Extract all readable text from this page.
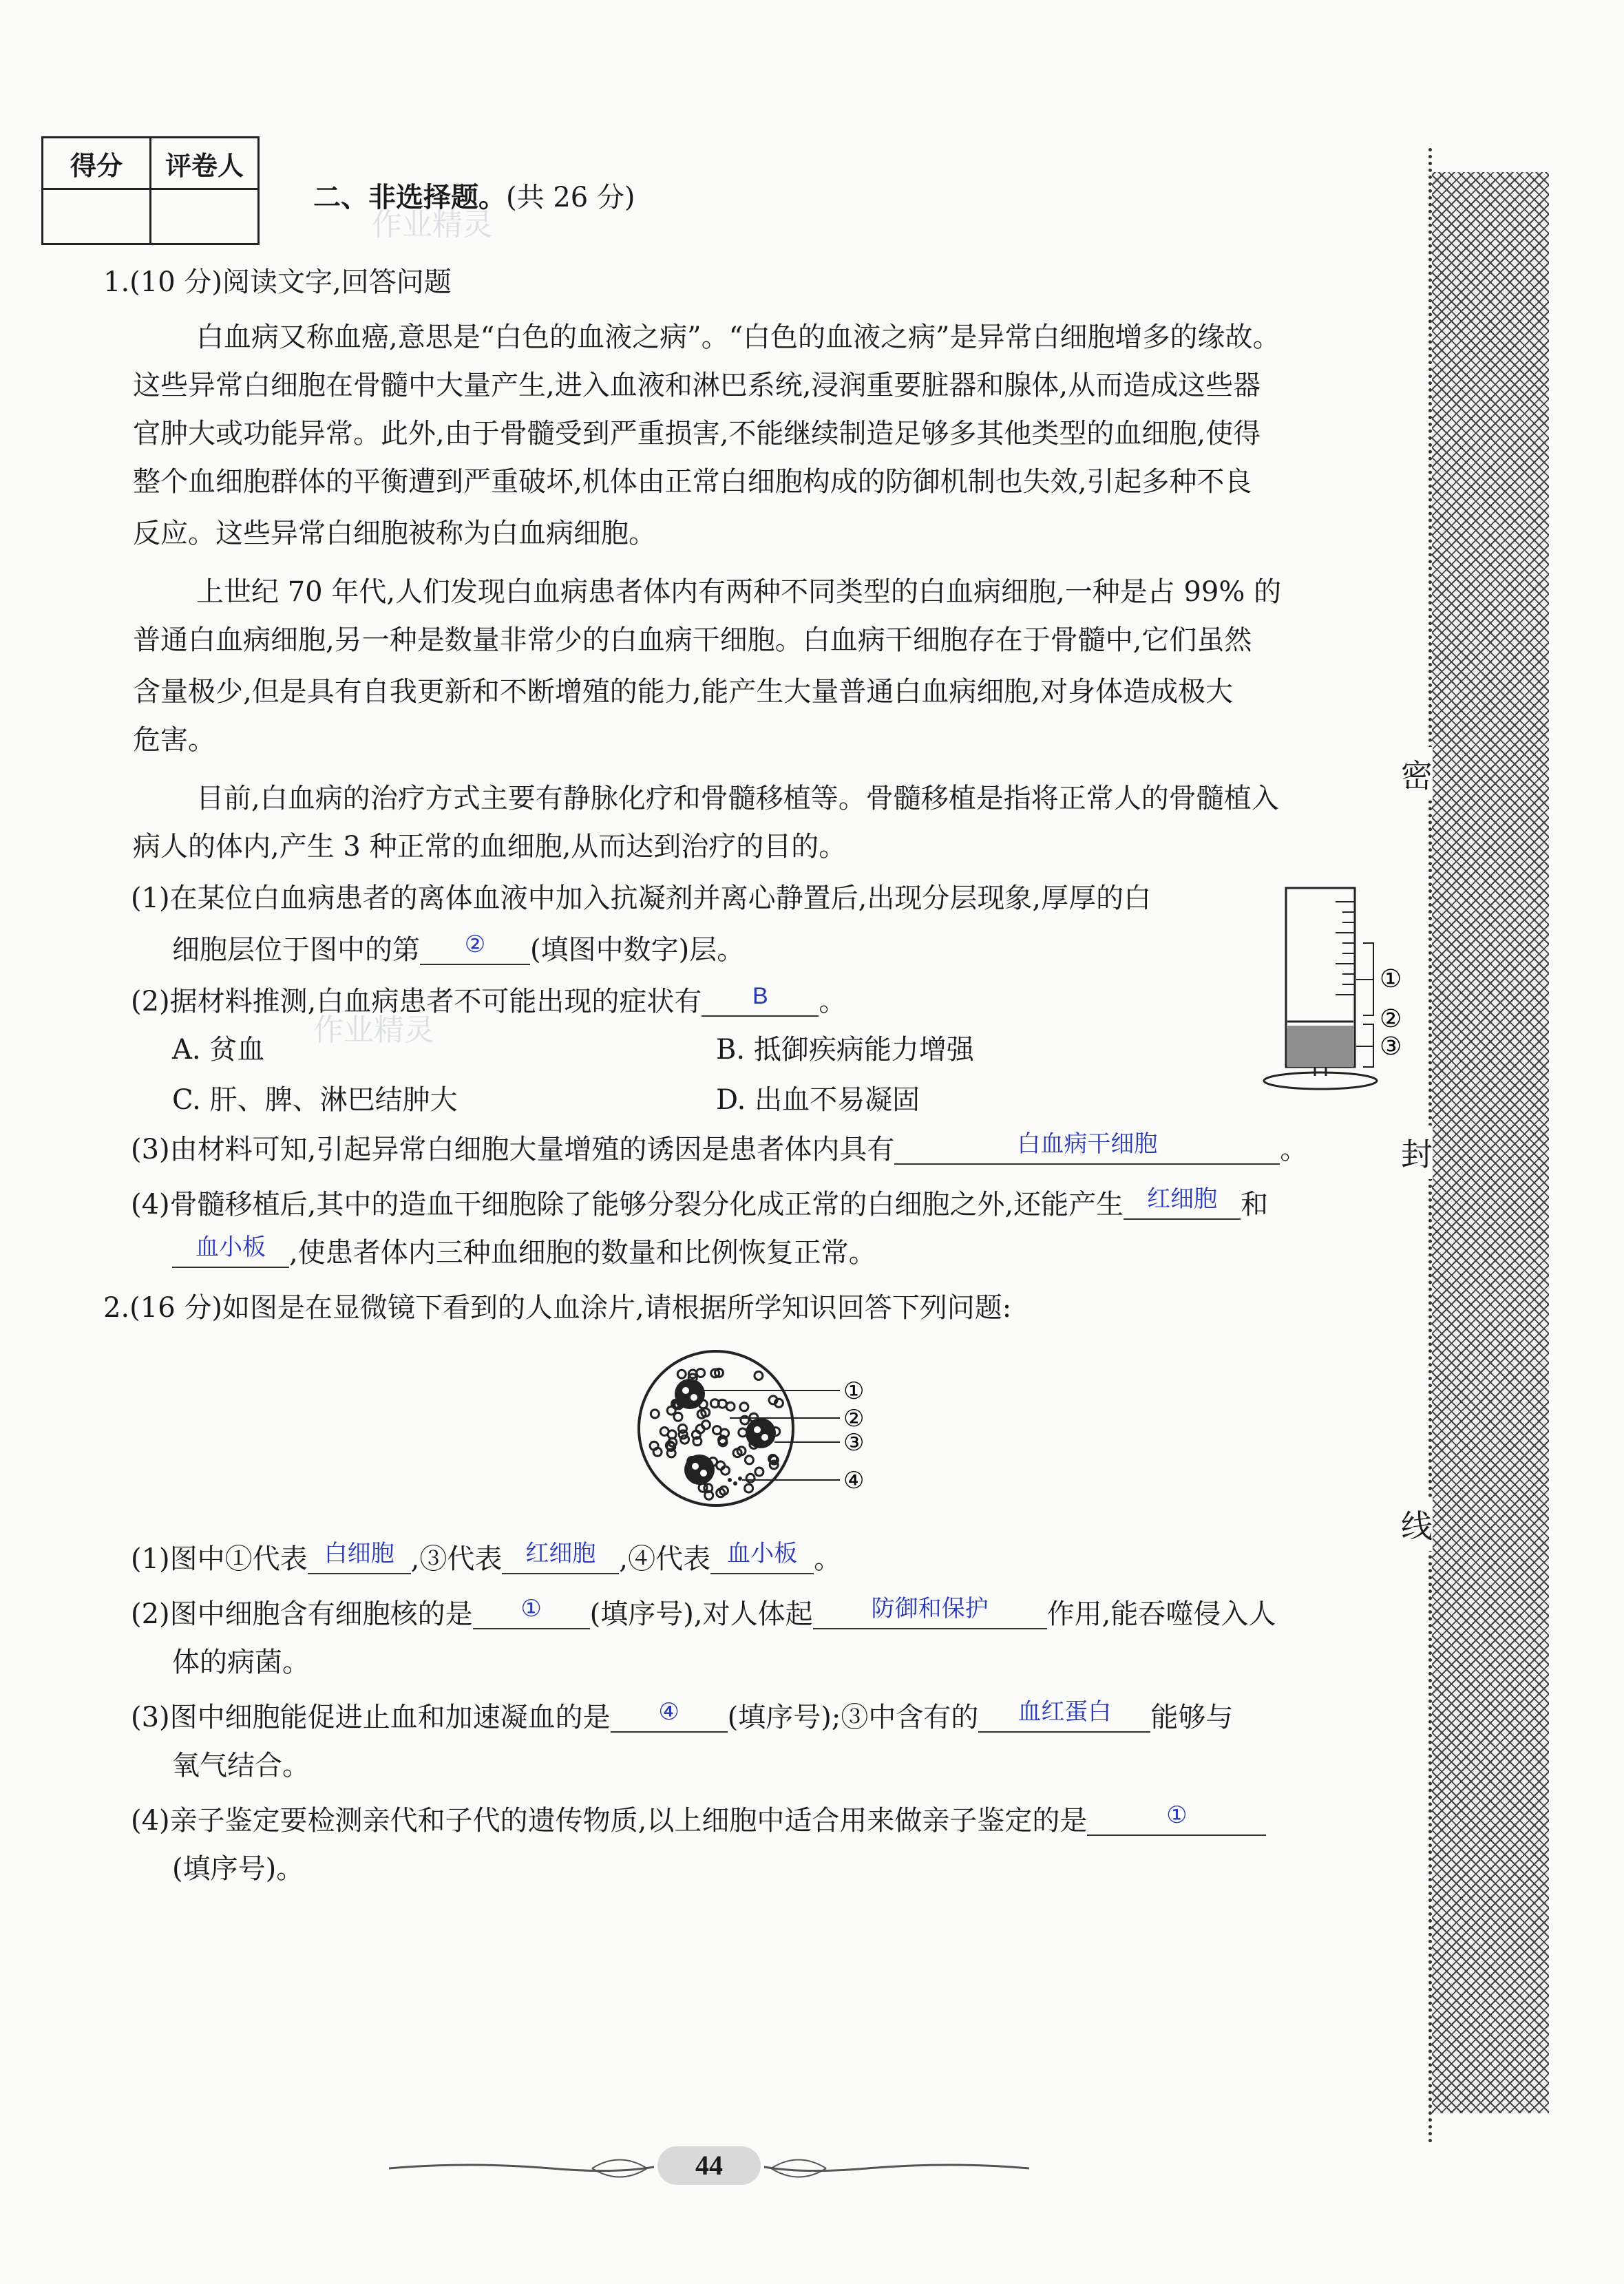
得分	评卷人

二、非选择题。(共 26 分)
作业精灵
作业精灵
1.(10 分)阅读文字,回答问题
白血病又称血癌,意思是“白色的血液之病”。“白色的血液之病”是异常白细胞增多的缘故。
这些异常白细胞在骨髓中大量产生,进入血液和淋巴系统,浸润重要脏器和腺体,从而造成这些器
官肿大或功能异常。此外,由于骨髓受到严重损害,不能继续制造足够多其他类型的血细胞,使得
整个血细胞群体的平衡遭到严重破坏,机体由正常白细胞构成的防御机制也失效,引起多种不良
反应。这些异常白细胞被称为白血病细胞。
上世纪 70 年代,人们发现白血病患者体内有两种不同类型的白血病细胞,一种是占 99% 的
普通白血病细胞,另一种是数量非常少的白血病干细胞。白血病干细胞存在于骨髓中,它们虽然
含量极少,但是具有自我更新和不断增殖的能力,能产生大量普通白血病细胞,对身体造成极大
危害。
目前,白血病的治疗方式主要有静脉化疗和骨髓移植等。骨髓移植是指将正常人的骨髓植入
病人的体内,产生 3 种正常的血细胞,从而达到治疗的目的。
(1)在某位白血病患者的离体血液中加入抗凝剂并离心静置后,出现分层现象,厚厚的白
细胞层位于图中的第 ② (填图中数字)层。
(2)据材料推测,白血病患者不可能出现的症状有 $^B$ 。
A. 贫血	B. 抵御疾病能力增强
C. 肝、脾、淋巴结肿大	D. 出血不易凝固
(3)由材料可知,引起异常白细胞大量增殖的诱因是患者体内具有	$^{白血病干细胞}$	。
(4)骨髓移植后,其中的造血干细胞除了能够分裂分化成正常的白细胞之外,还能产生 $^{红细胞}$ 和
$^{血小板}$ ,使患者体内三种血细胞的数量和比例恢复正常。
①
②
③
2.(16 分)如图是在显微镜下看到的人血涂片,请根据所学知识回答下列问题:
①
②
③
④
(1)图中①代表 $^{白细胞}$ ,③代表 $^{红细胞}$ ,④代表 $^{血小板}$ 。
(2)图中细胞含有细胞核的是 ① (填序号),对人体起	$^{防御和保护}$ 作用,能吞噬侵入人
体的病菌。
(3)图中细胞能促进止血和加速凝血的是 ④ (填序号);③中含有的 $^{血红蛋白}$ 能够与
氧气结合。
(4)亲子鉴定要检测亲代和子代的遗传物质,以上细胞中适合用来做亲子鉴定的是	①
(填序号)。
密
封
线
44
